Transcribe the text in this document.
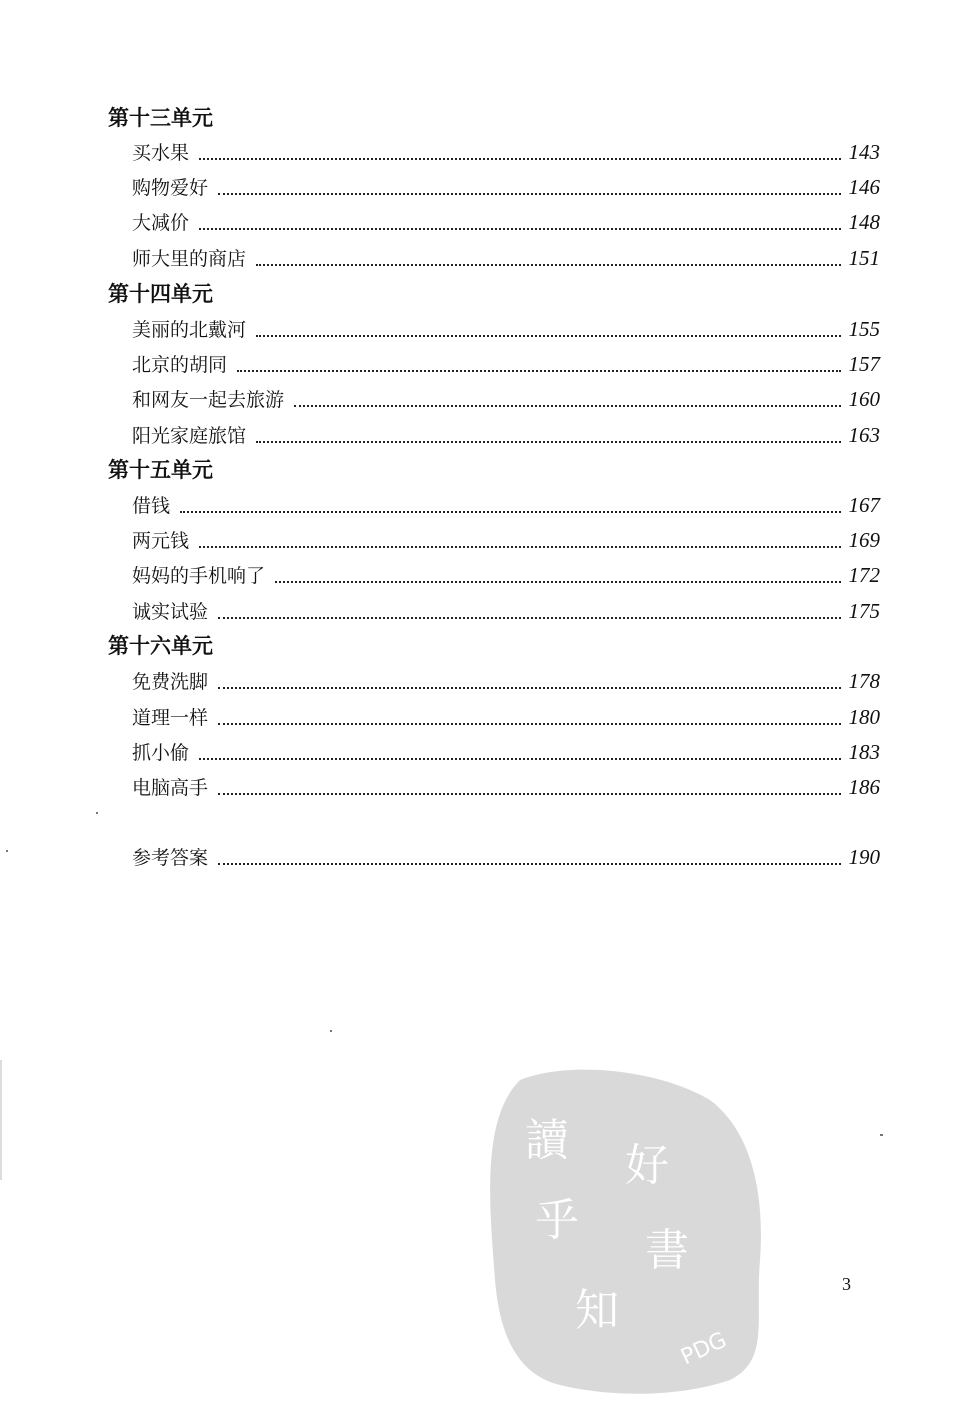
第十三单元
买水果	143
购物爱好	146
大减价	148
师大里的商店	151
第十四单元
美丽的北戴河	155
北京的胡同	157
和网友一起去旅游	160
阳光家庭旅馆	163
第十五单元
借钱	167
两元钱	169
妈妈的手机响了	172
诚实试验	175
第十六单元
免费洗脚	178
道理一样	180
抓小偷	183
电脑高手	186
参考答案	190
讀 好
乎
書
知
PDG
3
